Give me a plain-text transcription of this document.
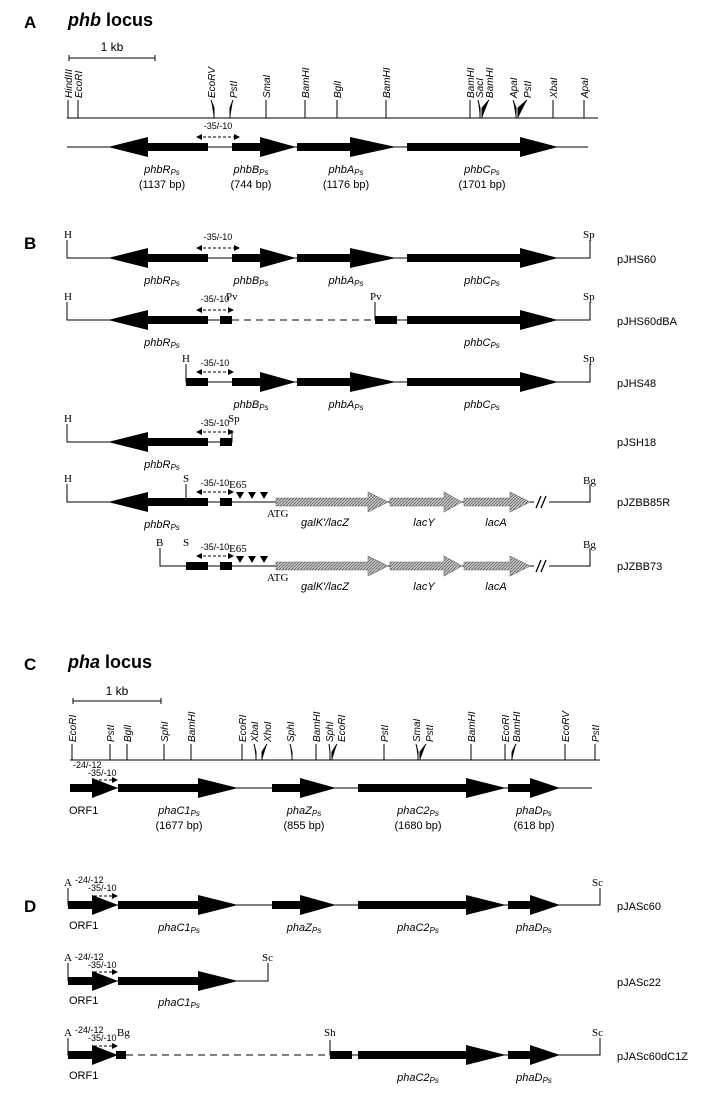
A phb locus
1 kb
HindIII EcoRI	EcoRV PstI SmaI	BamHI BglI	BamHI	BamHI
SacI BamHI ApaI PstI XbaI ApaI
-35/-10
phbRPs
(1137 bp)
phbBPs
(744 bp)
phbAPs
(1176 bp)
phbCPs
(1701 bp)
B	H	Sp
-35/-10
phbRPs	phbBPs	phbAPs	phbCPs
pJHS60
H	Pv	Pv	Sp
-35/-10
phbRPs	phbCPs
pJHS60dBA
H	Sp
-35/-10
phbBPs	phbAPs	phbCPs
pJHS48
H	Sp
-35/-10
phbRPs
pJSH18
H	S	E65	Bg
-35/-10
ATG
phbRPs	galK'/lacZ	lacY	lacA
pJZBB85R
B S	E65	Bg
-35/-10
ATG
galK'/lacZ	lacY	lacA
pJZBB73
C pha locus
1 kb
EcoRI	PstI BglI	SphI BamHI	EcoRI XbaI XhoI SphI BamHI SphI EcoRI	PstI SmaI PstI	BamHI EcoRI BamHI	EcoRV PstI
-24/-12
-35/-10
ORF1	phaC1Ps
(1677 bp)
phaZPs
(855 bp)
phaC2Ps
(1680 bp)
phaDPs
(618 bp)
D
A	Sc
-24/-12
-35/-10
ORF1	phaC1Ps	phaZPs	phaC2Ps	phaDPs
pJASc60
A	Sc
-24/-12
-35/-10
ORF1	phaC1Ps
pJASc22
A	Bg	Sh	Sc
-24/-12
-35/-10
ORF1	phaC2Ps	phaDPs
pJASc60dC1Z
